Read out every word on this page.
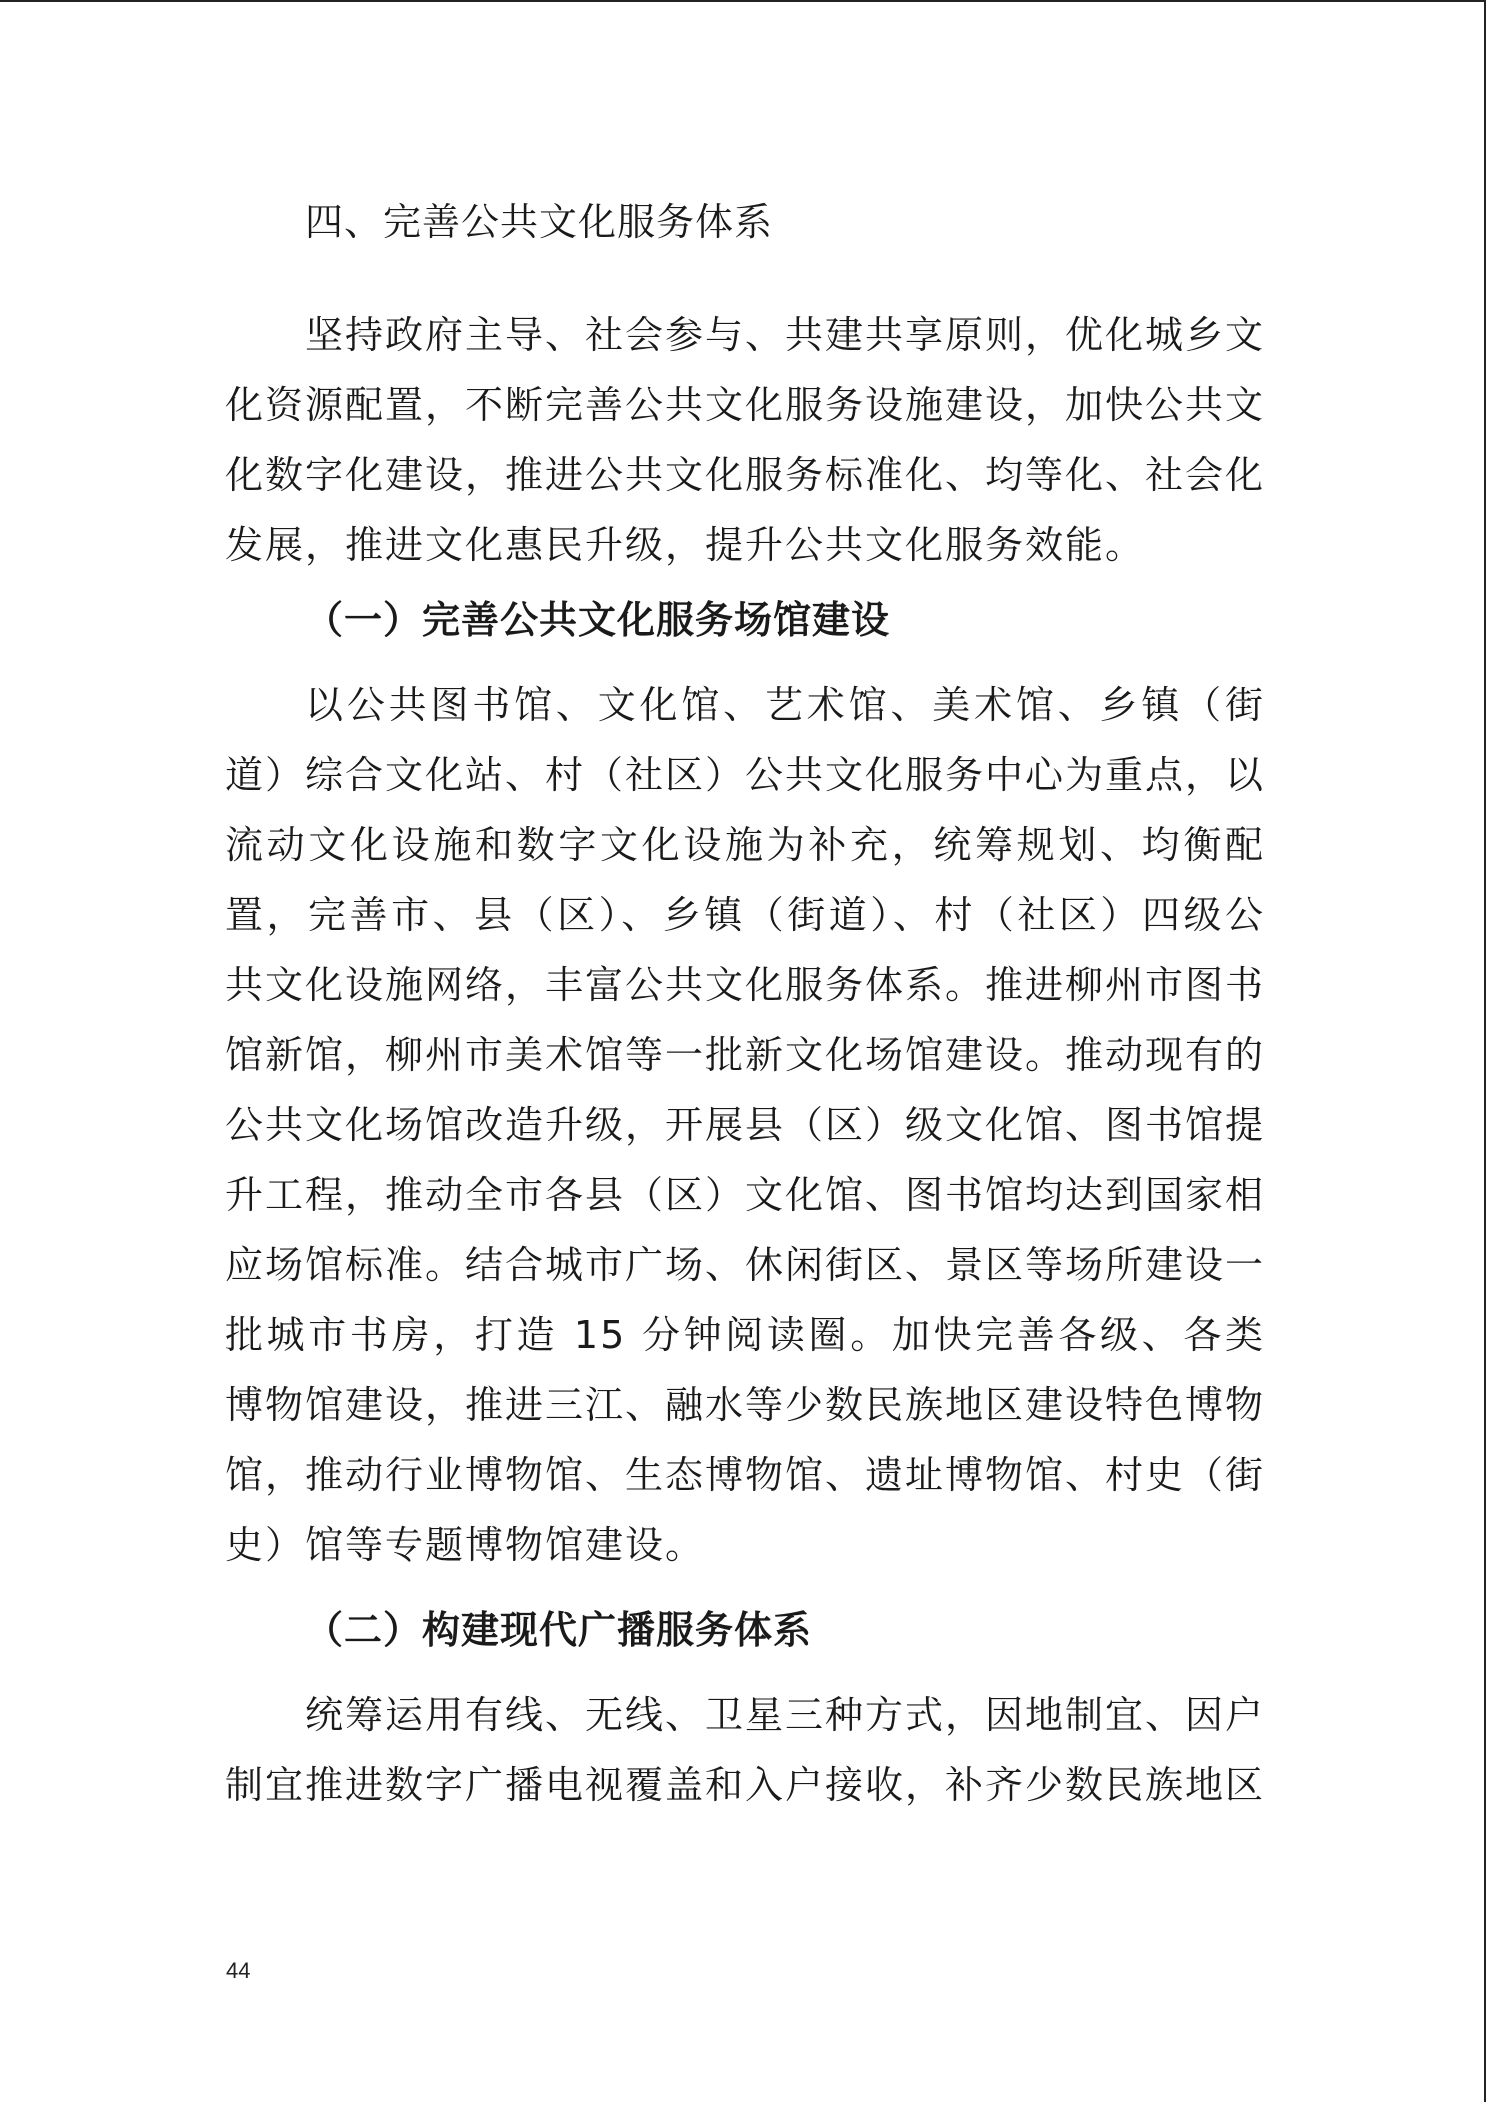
四、完善公共文化服务体系

坚持政府主导、社会参与、共建共享原则，优化城乡文化资源配置，不断完善公共文化服务设施建设，加快公共文化数字化建设，推进公共文化服务标准化、均等化、社会化发展，推进文化惠民升级，提升公共文化服务效能。

（一）完善公共文化服务场馆建设

以公共图书馆、文化馆、艺术馆、美术馆、乡镇（街道）综合文化站、村（社区）公共文化服务中心为重点，以流动文化设施和数字文化设施为补充，统筹规划、均衡配置，完善市、县（区）、乡镇（街道）、村（社区）四级公共文化设施网络，丰富公共文化服务体系。推进柳州市图书馆新馆，柳州市美术馆等一批新文化场馆建设。推动现有的公共文化场馆改造升级，开展县（区）级文化馆、图书馆提升工程，推动全市各县（区）文化馆、图书馆均达到国家相应场馆标准。结合城市广场、休闲街区、景区等场所建设一批城市书房，打造 15 分钟阅读圈。加快完善各级、各类博物馆建设，推进三江、融水等少数民族地区建设特色博物馆，推动行业博物馆、生态博物馆、遗址博物馆、村史（街史）馆等专题博物馆建设。

（二）构建现代广播服务体系

统筹运用有线、无线、卫星三种方式，因地制宜、因户制宜推进数字广播电视覆盖和入户接收，补齐少数民族地区

44
